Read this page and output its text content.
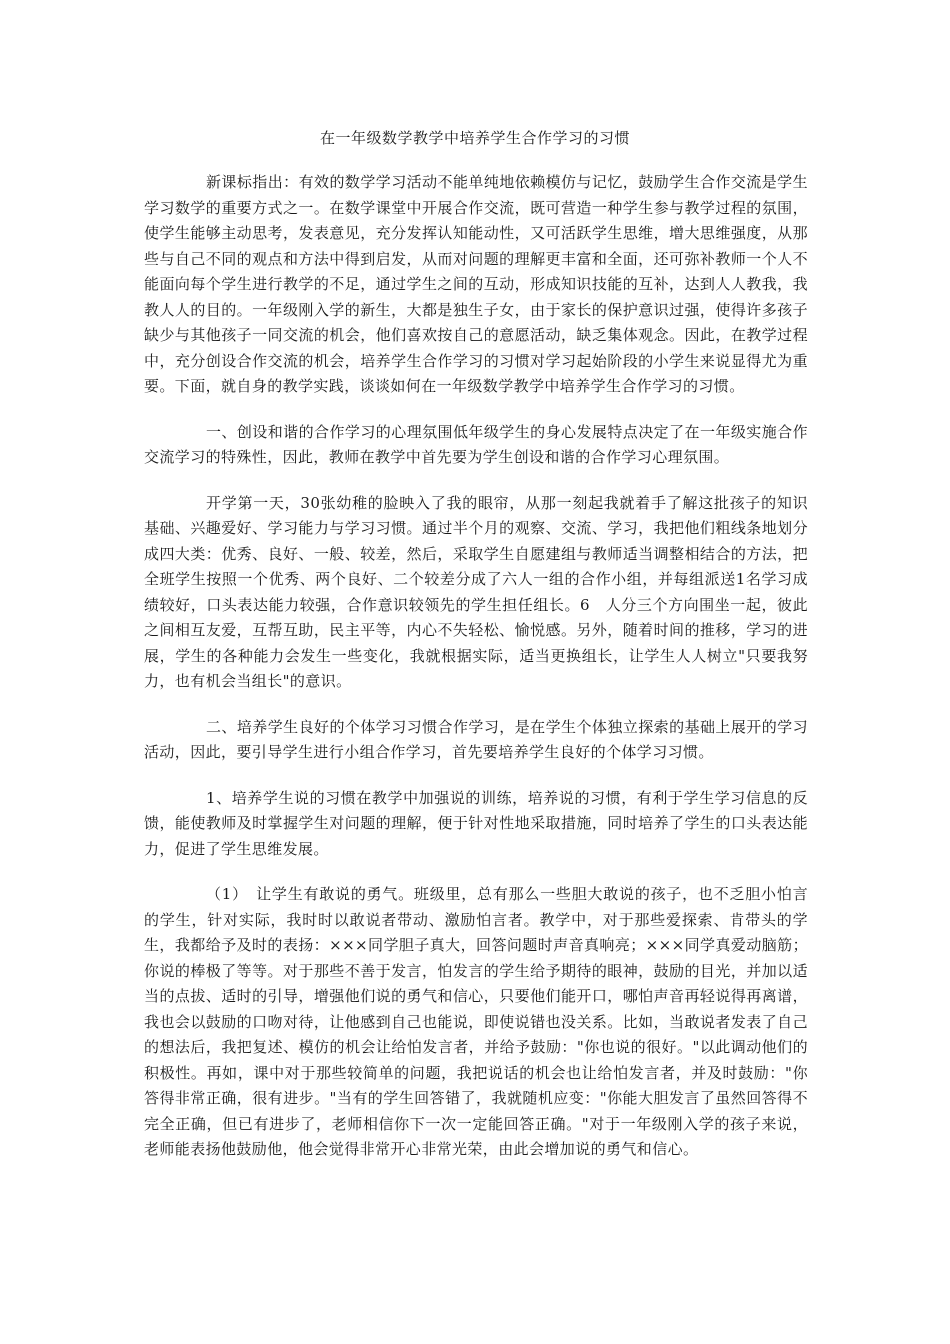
在一年级数学教学中培养学生合作学习的习惯

新课标指出：有效的数学学习活动不能单纯地依赖模仿与记忆，鼓励学生合作交流是学生学习数学的重要方式之一。在数学课堂中开展合作交流，既可营造一种学生参与教学过程的氛围，使学生能够主动思考，发表意见，充分发挥认知能动性，又可活跃学生思维，增大思维强度，从那些与自己不同的观点和方法中得到启发，从而对问题的理解更丰富和全面，还可弥补教师一个人不能面向每个学生进行教学的不足，通过学生之间的互动，形成知识技能的互补，达到人人教我，我教人人的目的。一年级刚入学的新生，大都是独生子女，由于家长的保护意识过强，使得许多孩子缺少与其他孩子一同交流的机会，他们喜欢按自己的意愿活动，缺乏集体观念。因此，在教学过程中，充分创设合作交流的机会，培养学生合作学习的习惯对学习起始阶段的小学生来说显得尤为重要。下面，就自身的教学实践，谈谈如何在一年级数学教学中培养学生合作学习的习惯。

一、创设和谐的合作学习的心理氛围低年级学生的身心发展特点决定了在一年级实施合作交流学习的特殊性，因此，教师在教学中首先要为学生创设和谐的合作学习心理氛围。

开学第一天，30张幼稚的脸映入了我的眼帘，从那一刻起我就着手了解这批孩子的知识基础、兴趣爱好、学习能力与学习习惯。通过半个月的观察、交流、学习，我把他们粗线条地划分成四大类：优秀、良好、一般、较差，然后，采取学生自愿建组与教师适当调整相结合的方法，把全班学生按照一个优秀、两个良好、二个较差分成了六人一组的合作小组，并每组派送1名学习成绩较好，口头表达能力较强，合作意识较领先的学生担任组长。6　人分三个方向围坐一起，彼此之间相互友爱，互帮互助，民主平等，内心不失轻松、愉悦感。另外，随着时间的推移，学习的进展，学生的各种能力会发生一些变化，我就根据实际，适当更换组长，让学生人人树立"只要我努力，也有机会当组长"的意识。

二、培养学生良好的个体学习习惯合作学习，是在学生个体独立探索的基础上展开的学习活动，因此，要引导学生进行小组合作学习，首先要培养学生良好的个体学习习惯。

1、培养学生说的习惯在教学中加强说的训练，培养说的习惯，有利于学生学习信息的反馈，能使教师及时掌握学生对问题的理解，便于针对性地采取措施，同时培养了学生的口头表达能力，促进了学生思维发展。

（1）　让学生有敢说的勇气。班级里，总有那么一些胆大敢说的孩子，也不乏胆小怕言的学生，针对实际，我时时以敢说者带动、激励怕言者。教学中，对于那些爱探索、肯带头的学生，我都给予及时的表扬：×××同学胆子真大，回答问题时声音真响亮；×××同学真爱动脑筋；你说的棒极了等等。对于那些不善于发言，怕发言的学生给予期待的眼神，鼓励的目光，并加以适当的点拔、适时的引导，增强他们说的勇气和信心，只要他们能开口，哪怕声音再轻说得再离谱，我也会以鼓励的口吻对待，让他感到自己也能说，即使说错也没关系。比如，当敢说者发表了自己的想法后，我把复述、模仿的机会让给怕发言者，并给予鼓励："你也说的很好。"以此调动他们的积极性。再如，课中对于那些较简单的问题，我把说话的机会也让给怕发言者，并及时鼓励："你答得非常正确，很有进步。"当有的学生回答错了，我就随机应变："你能大胆发言了虽然回答得不完全正确，但已有进步了，老师相信你下一次一定能回答正确。"对于一年级刚入学的孩子来说，老师能表扬他鼓励他，他会觉得非常开心非常光荣，由此会增加说的勇气和信心。
